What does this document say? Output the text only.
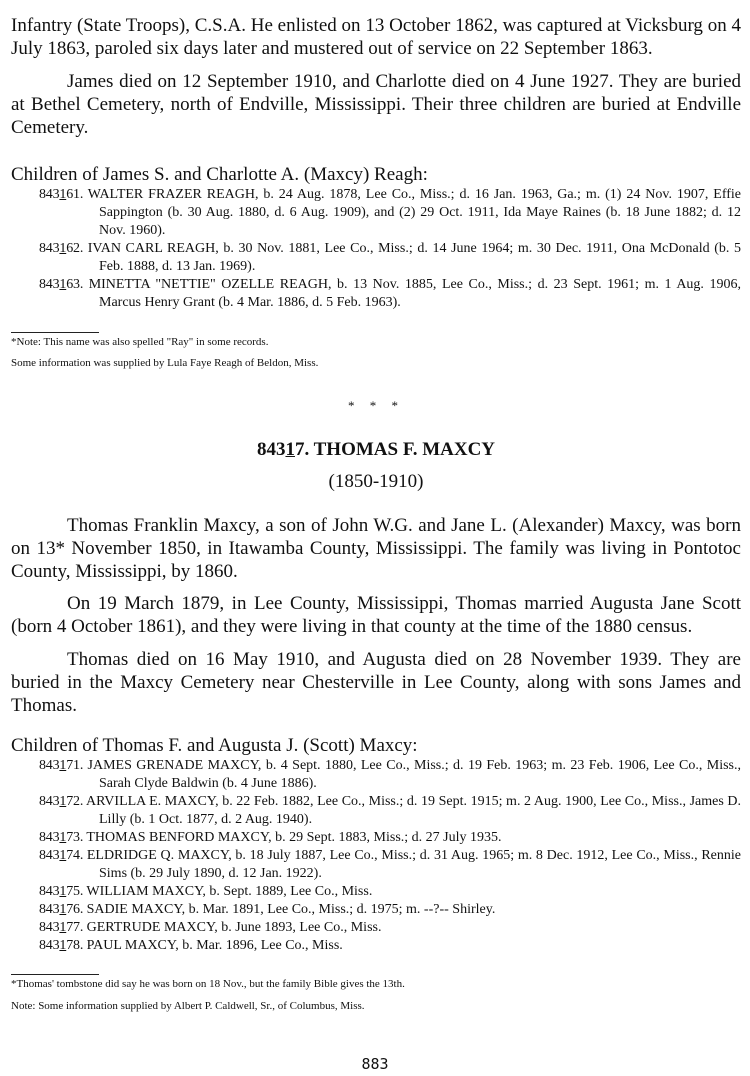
Infantry (State Troops), C.S.A. He enlisted on 13 October 1862, was captured at Vicksburg on 4 July 1863, paroled six days later and mustered out of service on 22 September 1863.

James died on 12 September 1910, and Charlotte died on 4 June 1927. They are buried at Bethel Cemetery, north of Endville, Mississippi. Their three children are buried at Endville Cemetery.

Children of James S. and Charlotte A. (Maxcy) Reagh:

843161. WALTER FRAZER REAGH, b. 24 Aug. 1878, Lee Co., Miss.; d. 16 Jan. 1963, Ga.; m. (1) 24 Nov. 1907, Effie Sappington (b. 30 Aug. 1880, d. 6 Aug. 1909), and (2) 29 Oct. 1911, Ida Maye Raines (b. 18 June 1882; d. 12 Nov. 1960).
843162. IVAN CARL REAGH, b. 30 Nov. 1881, Lee Co., Miss.; d. 14 June 1964; m. 30 Dec. 1911, Ona McDonald (b. 5 Feb. 1888, d. 13 Jan. 1969).
843163. MINETTA "NETTIE" OZELLE REAGH, b. 13 Nov. 1885, Lee Co., Miss.; d. 23 Sept. 1961; m. 1 Aug. 1906, Marcus Henry Grant (b. 4 Mar. 1886, d. 5 Feb. 1963).

*Note: This name was also spelled "Ray" in some records.

Some information was supplied by Lula Faye Reagh of Beldon, Miss.

* * *

84317. THOMAS F. MAXCY

(1850-1910)

Thomas Franklin Maxcy, a son of John W.G. and Jane L. (Alexander) Maxcy, was born on 13* November 1850, in Itawamba County, Mississippi. The family was living in Pontotoc County, Mississippi, by 1860.

On 19 March 1879, in Lee County, Mississippi, Thomas married Augusta Jane Scott (born 4 October 1861), and they were living in that county at the time of the 1880 census.

Thomas died on 16 May 1910, and Augusta died on 28 November 1939. They are buried in the Maxcy Cemetery near Chesterville in Lee County, along with sons James and Thomas.

Children of Thomas F. and Augusta J. (Scott) Maxcy:

843171. JAMES GRENADE MAXCY, b. 4 Sept. 1880, Lee Co., Miss.; d. 19 Feb. 1963; m. 23 Feb. 1906, Lee Co., Miss., Sarah Clyde Baldwin (b. 4 June 1886).
843172. ARVILLA E. MAXCY, b. 22 Feb. 1882, Lee Co., Miss.; d. 19 Sept. 1915; m. 2 Aug. 1900, Lee Co., Miss., James D. Lilly (b. 1 Oct. 1877, d. 2 Aug. 1940).
843173. THOMAS BENFORD MAXCY, b. 29 Sept. 1883, Miss.; d. 27 July 1935.
843174. ELDRIDGE Q. MAXCY, b. 18 July 1887, Lee Co., Miss.; d. 31 Aug. 1965; m. 8 Dec. 1912, Lee Co., Miss., Rennie Sims (b. 29 July 1890, d. 12 Jan. 1922).
843175. WILLIAM MAXCY, b. Sept. 1889, Lee Co., Miss.
843176. SADIE MAXCY, b. Mar. 1891, Lee Co., Miss.; d. 1975; m. --?-- Shirley.
843177. GERTRUDE MAXCY, b. June 1893, Lee Co., Miss.
843178. PAUL MAXCY, b. Mar. 1896, Lee Co., Miss.

*Thomas' tombstone did say he was born on 18 Nov., but the family Bible gives the 13th.

Note: Some information supplied by Albert P. Caldwell, Sr., of Columbus, Miss.

883
